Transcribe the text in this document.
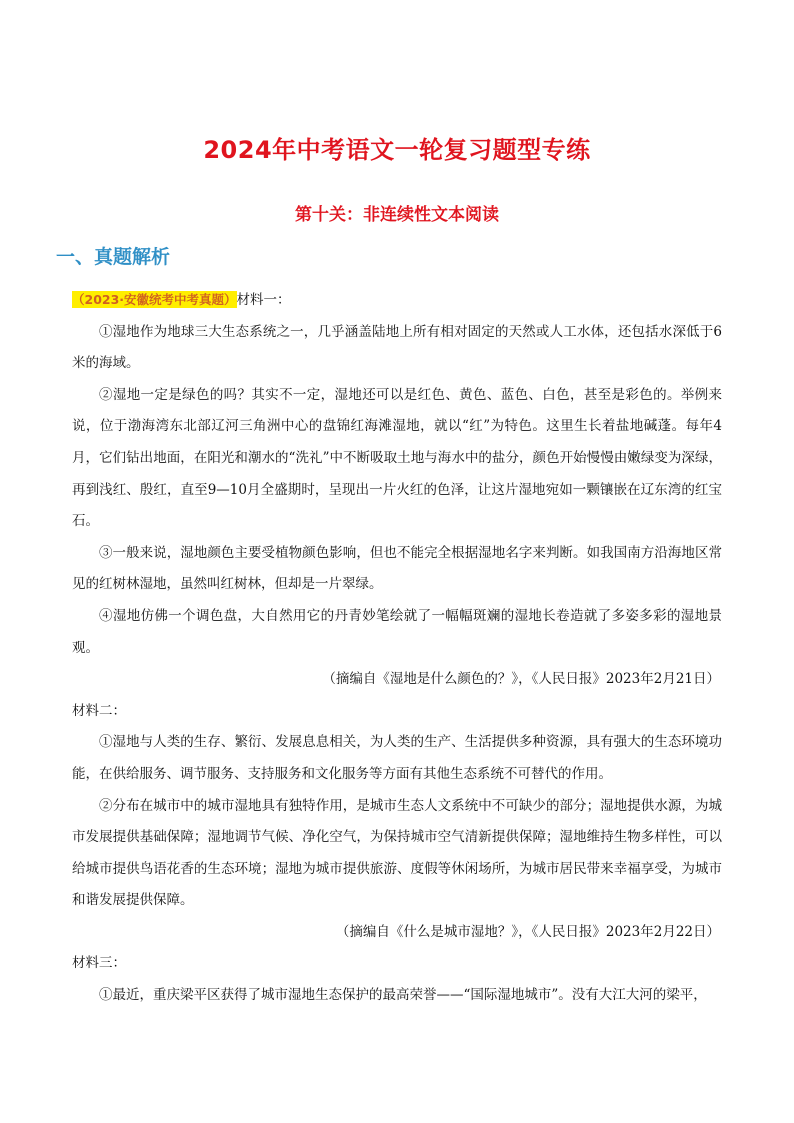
2024年中考语文一轮复习题型专练
第十关：非连续性文本阅读
一、真题解析

（2023·安徽统考中考真题）材料一：

①湿地作为地球三大生态系统之一，几乎涵盖陆地上所有相对固定的天然或人工水体，还包括水深低于6米的海域。

②湿地一定是绿色的吗？其实不一定，湿地还可以是红色、黄色、蓝色、白色，甚至是彩色的。举例来说，位于渤海湾东北部辽河三角洲中心的盘锦红海滩湿地，就以“红”为特色。这里生长着盐地碱蓬。每年4月，它们钻出地面，在阳光和潮水的“洗礼”中不断吸取土地与海水中的盐分，颜色开始慢慢由嫩绿变为深绿，再到浅红、殷红，直至9—10月全盛期时，呈现出一片火红的色泽，让这片湿地宛如一颗镶嵌在辽东湾的红宝石。

③一般来说，湿地颜色主要受植物颜色影响，但也不能完全根据湿地名字来判断。如我国南方沿海地区常见的红树林湿地，虽然叫红树林，但却是一片翠绿。

④湿地仿佛一个调色盘，大自然用它的丹青妙笔绘就了一幅幅斑斓的湿地长卷造就了多姿多彩的湿地景观。

（摘编自《湿地是什么颜色的？》，《人民日报》2023年2月21日）

材料二：

①湿地与人类的生存、繁衍、发展息息相关，为人类的生产、生活提供多种资源，具有强大的生态环境功能，在供给服务、调节服务、支持服务和文化服务等方面有其他生态系统不可替代的作用。

②分布在城市中的城市湿地具有独特作用，是城市生态人文系统中不可缺少的部分；湿地提供水源，为城市发展提供基础保障；湿地调节气候、净化空气，为保持城市空气清新提供保障；湿地维持生物多样性，可以给城市提供鸟语花香的生态环境；湿地为城市提供旅游、度假等休闲场所，为城市居民带来幸福享受，为城市和谐发展提供保障。

（摘编自《什么是城市湿地？》，《人民日报》2023年2月22日）

材料三：

①最近，重庆梁平区获得了城市湿地生态保护的最高荣誉——“国际湿地城市”。没有大江大河的梁平，
